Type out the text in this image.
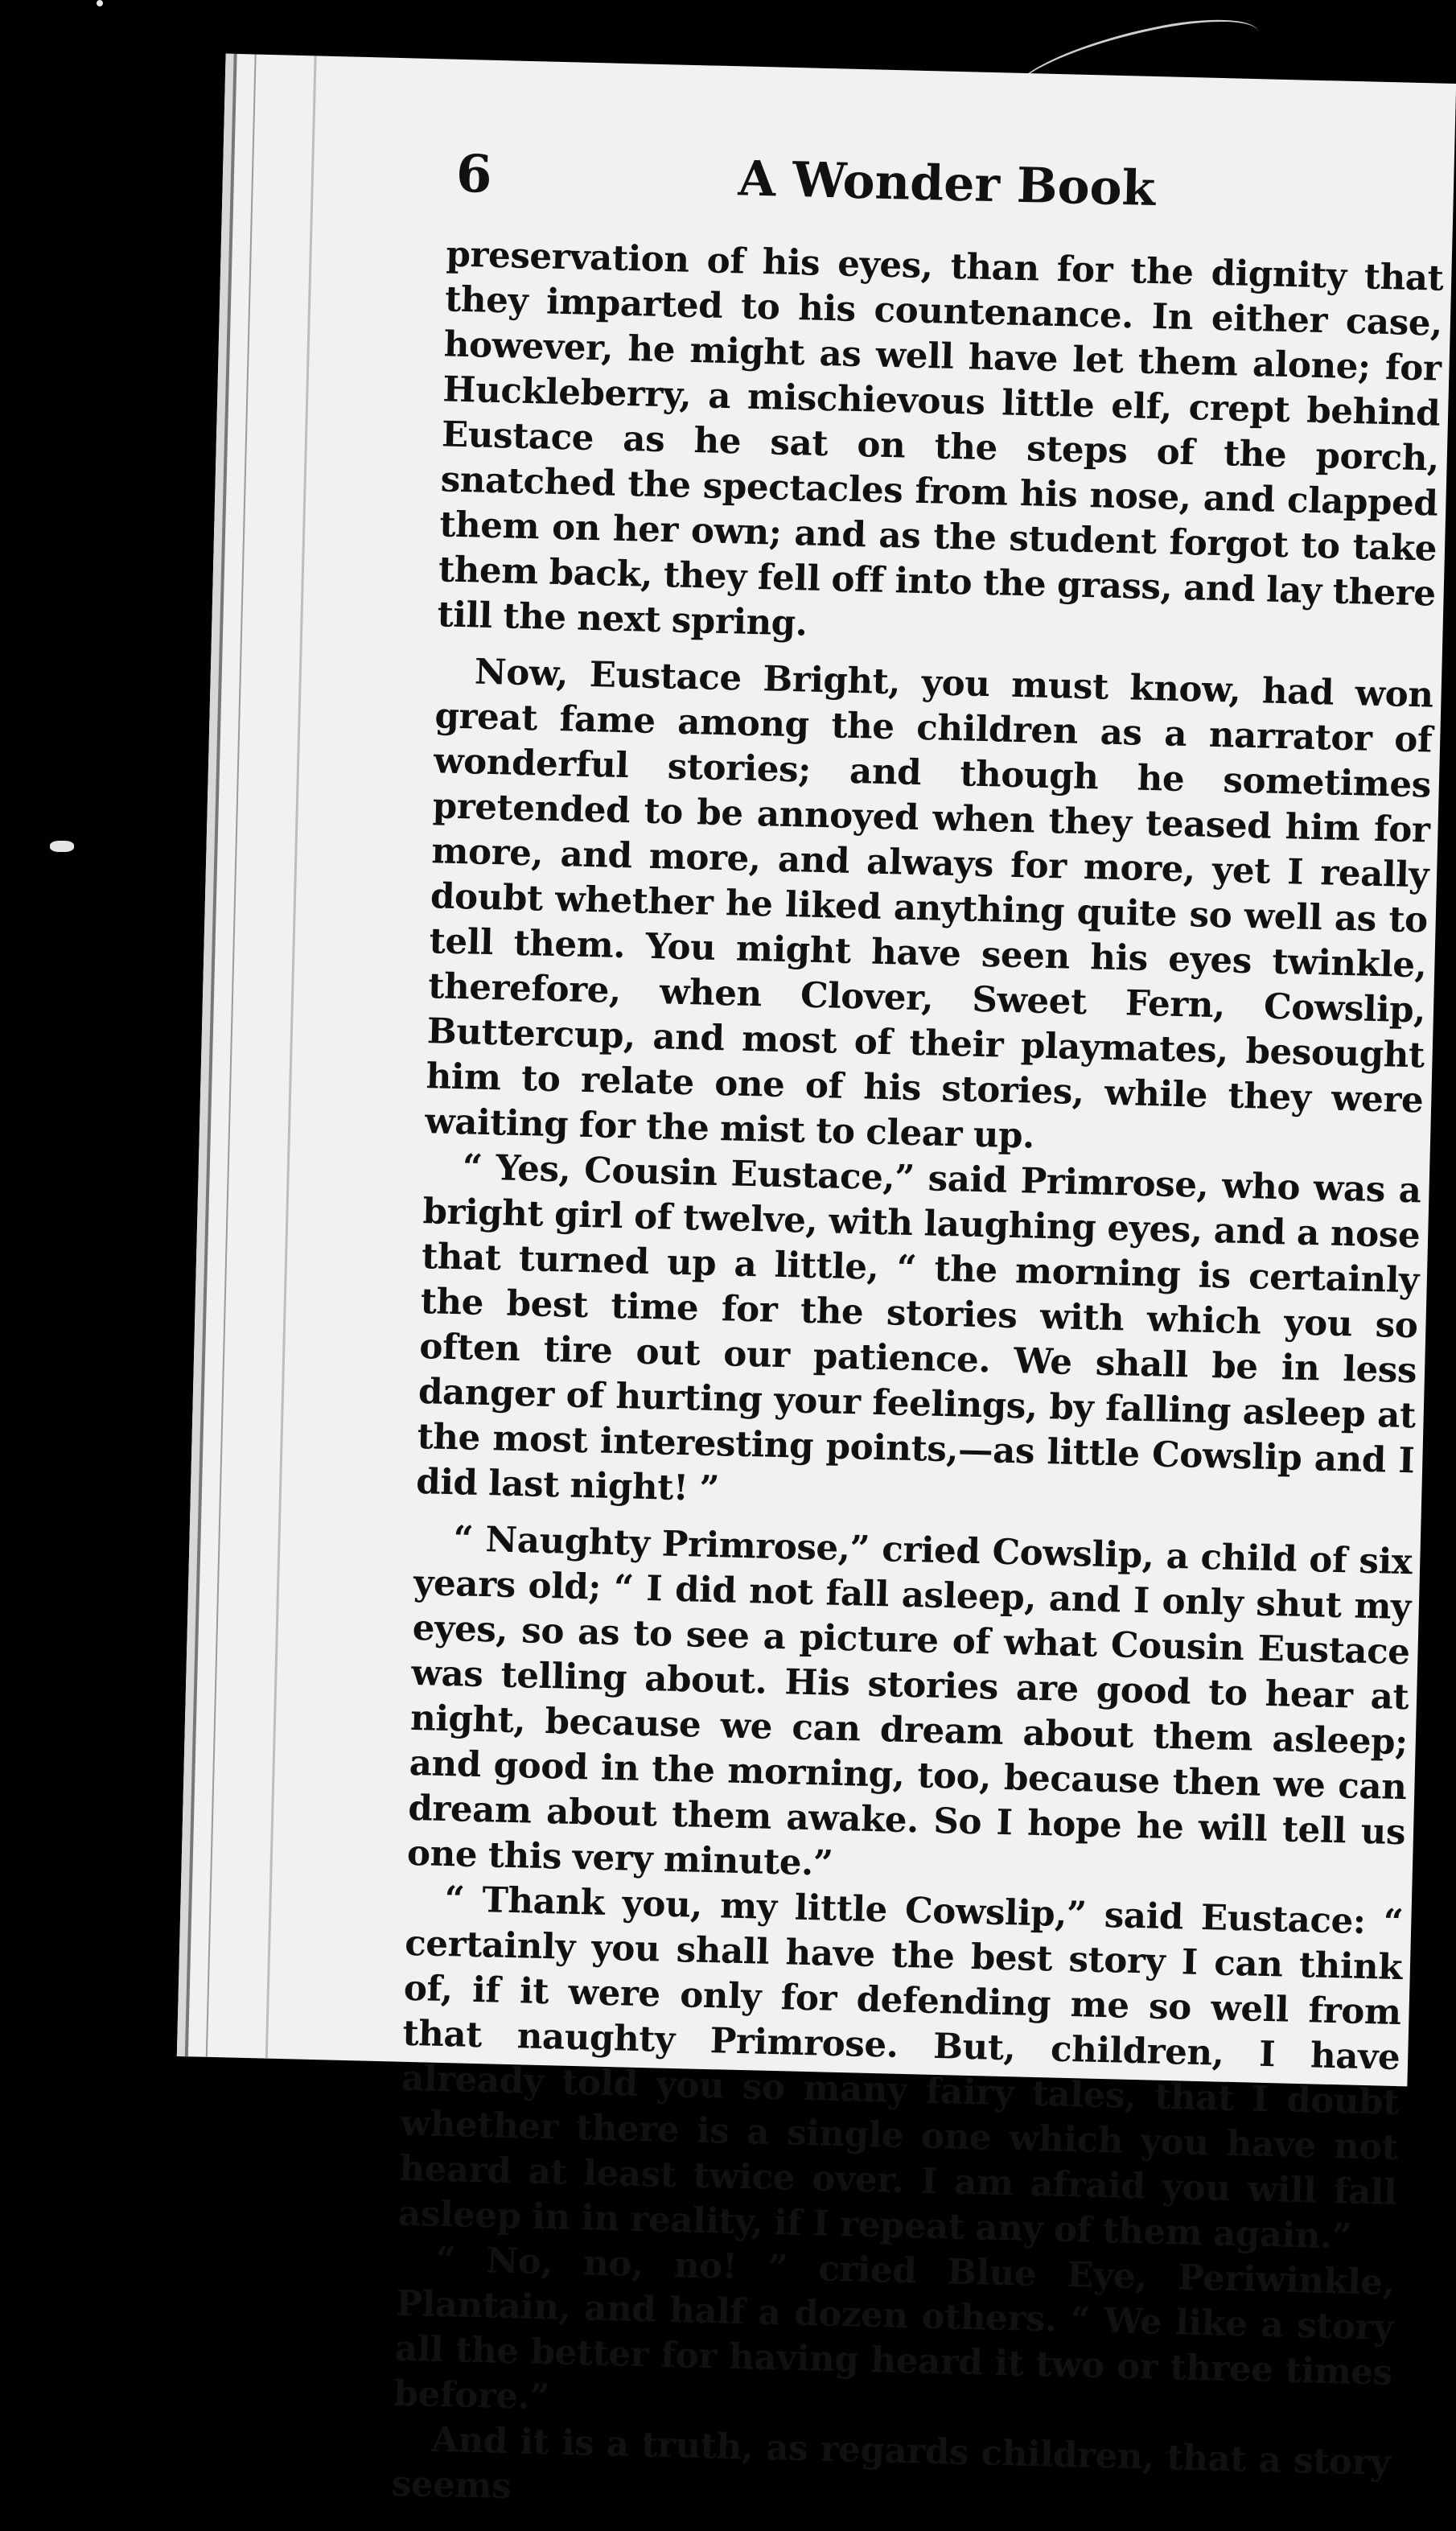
6	A Wonder Book

preservation of his eyes, than for the dignity that they imparted to his countenance. In either case, however, he might as well have let them alone; for Huckleberry, a mischievous little elf, crept behind Eustace as he sat on the steps of the porch, snatched the spectacles from his nose, and clapped them on her own; and as the student forgot to take them back, they fell off into the grass, and lay there till the next spring.

Now, Eustace Bright, you must know, had won great fame among the children as a narrator of wonderful stories; and though he sometimes pretended to be annoyed when they teased him for more, and more, and always for more, yet I really doubt whether he liked anything quite so well as to tell them. You might have seen his eyes twinkle, therefore, when Clover, Sweet Fern, Cowslip, Buttercup, and most of their playmates, besought him to relate one of his stories, while they were waiting for the mist to clear up.

“ Yes, Cousin Eustace,” said Primrose, who was a bright girl of twelve, with laughing eyes, and a nose that turned up a little, “ the morning is certainly the best time for the stories with which you so often tire out our patience. We shall be in less danger of hurting your feelings, by falling asleep at the most interesting points,—as little Cowslip and I did last night! ”

“ Naughty Primrose,” cried Cowslip, a child of six years old; “ I did not fall asleep, and I only shut my eyes, so as to see a picture of what Cousin Eustace was telling about. His stories are good to hear at night, because we can dream about them asleep; and good in the morning, too, because then we can dream about them awake. So I hope he will tell us one this very minute.”

“ Thank you, my little Cowslip,” said Eustace: “ certainly you shall have the best story I can think of, if it were only for defending me so well from that naughty Primrose. But, children, I have already told you so many fairy tales, that I doubt whether there is a single one which you have not heard at least twice over. I am afraid you will fall asleep in in reality, if I repeat any of them again.”

“ No, no, no! ” cried Blue Eye, Periwinkle, Plantain, and half a dozen others. “ We like a story all the better for having heard it two or three times before.”

And it is a truth, as regards children, that a story seems
